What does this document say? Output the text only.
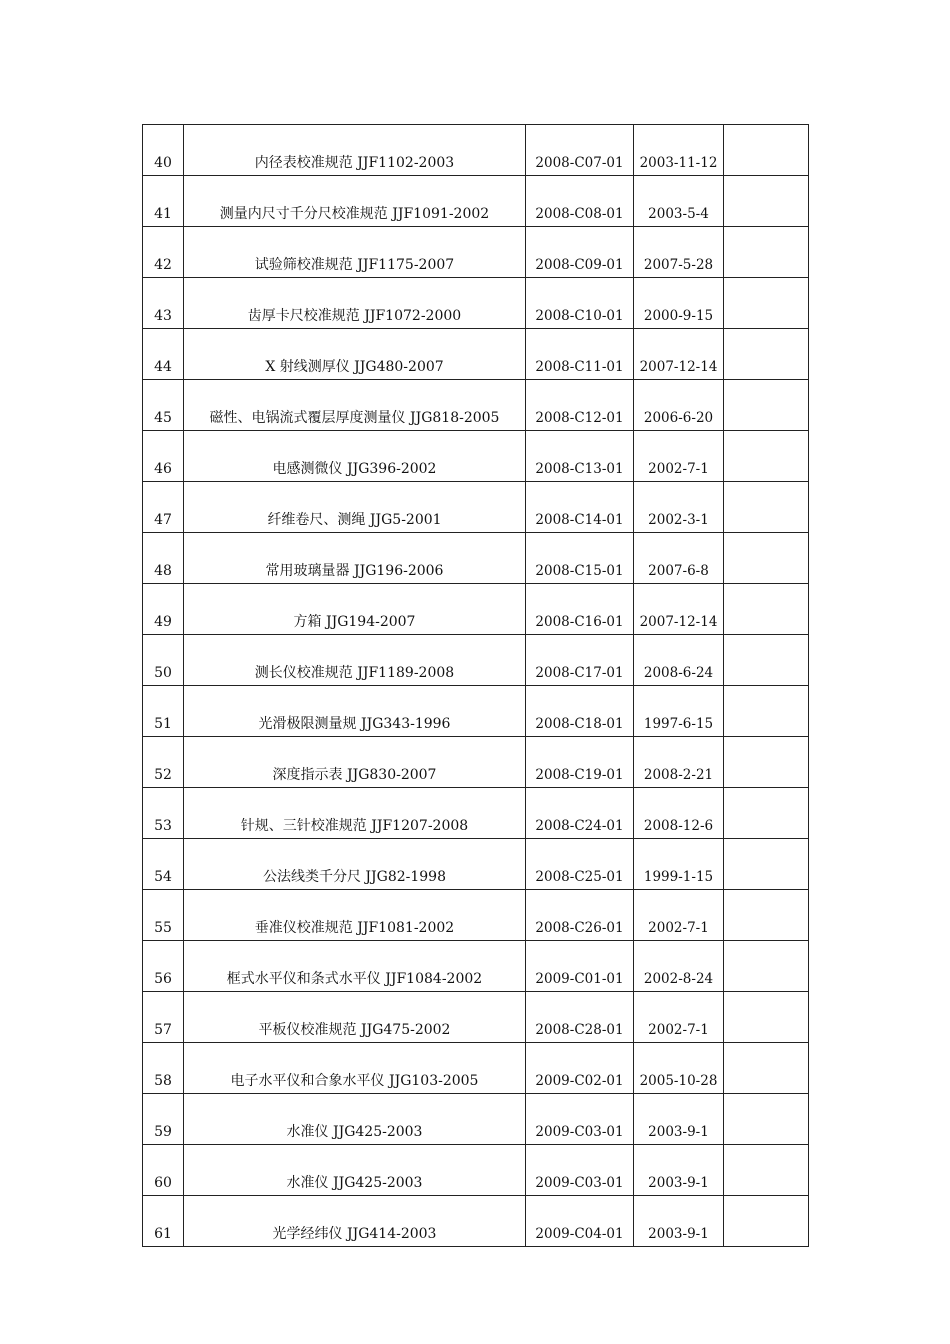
40	内径表校准规范 JJF1102-2003	2008-C07-01	2003-11-12	
41	测量内尺寸千分尺校准规范 JJF1091-2002	2008-C08-01	2003-5-4	
42	试验筛校准规范 JJF1175-2007	2008-C09-01	2007-5-28	
43	齿厚卡尺校准规范 JJF1072-2000	2008-C10-01	2000-9-15	
44	X 射线测厚仪 JJG480-2007	2008-C11-01	2007-12-14	
45	磁性、电锅流式覆层厚度测量仪 JJG818-2005	2008-C12-01	2006-6-20	
46	电感测微仪 JJG396-2002	2008-C13-01	2002-7-1	
47	纤维卷尺、测绳 JJG5-2001	2008-C14-01	2002-3-1	
48	常用玻璃量器 JJG196-2006	2008-C15-01	2007-6-8	
49	方箱 JJG194-2007	2008-C16-01	2007-12-14	
50	测长仪校准规范 JJF1189-2008	2008-C17-01	2008-6-24	
51	光滑极限测量规 JJG343-1996	2008-C18-01	1997-6-15	
52	深度指示表 JJG830-2007	2008-C19-01	2008-2-21	
53	针规、三针校准规范 JJF1207-2008	2008-C24-01	2008-12-6	
54	公法线类千分尺 JJG82-1998	2008-C25-01	1999-1-15	
55	垂准仪校准规范 JJF1081-2002	2008-C26-01	2002-7-1	
56	框式水平仪和条式水平仪 JJF1084-2002	2009-C01-01	2002-8-24	
57	平板仪校准规范 JJG475-2002	2008-C28-01	2002-7-1	
58	电子水平仪和合象水平仪 JJG103-2005	2009-C02-01	2005-10-28	
59	水准仪 JJG425-2003	2009-C03-01	2003-9-1	
60	水准仪 JJG425-2003	2009-C03-01	2003-9-1	
61	光学经纬仪 JJG414-2003	2009-C04-01	2003-9-1	
